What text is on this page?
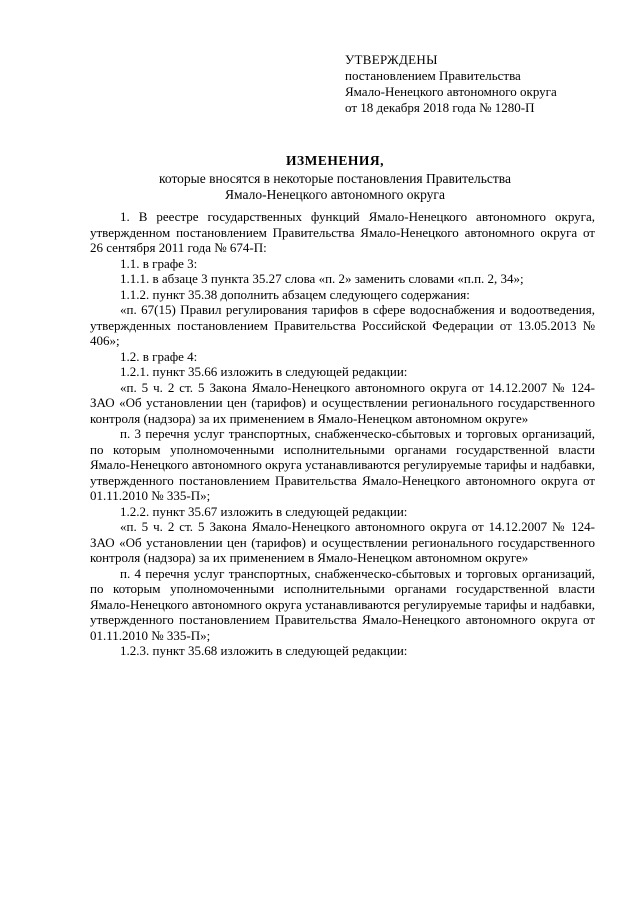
УТВЕРЖДЕНЫ

постановлением Правительства

Ямало-Ненецкого автономного округа

от 18 декабря 2018 года № 1280-П

ИЗМЕНЕНИЯ,

которые вносятся в некоторые постановления Правительства

Ямало-Ненецкого автономного округа

1. В реестре государственных функций Ямало-Ненецкого автономного округа, утвержденном постановлением Правительства Ямало-Ненецкого автономного округа от 26 сентября 2011 года № 674-П:

1.1. в графе 3:

1.1.1. в абзаце 3 пункта 35.27 слова «п. 2» заменить словами «п.п. 2, 34»;

1.1.2. пункт 35.38 дополнить абзацем следующего содержания:

«п. 67(15) Правил регулирования тарифов в сфере водоснабжения и водоотведения, утвержденных постановлением Правительства Российской Федерации от 13.05.2013 № 406»;

1.2. в графе 4:

1.2.1. пункт 35.66 изложить в следующей редакции:

«п. 5 ч. 2 ст. 5 Закона Ямало-Ненецкого автономного округа от 14.12.2007 № 124-ЗАО «Об установлении цен (тарифов) и осуществлении регионального государственного контроля (надзора) за их применением в Ямало-Ненецком автономном округе»

п. 3 перечня услуг транспортных, снабженческо-сбытовых и торговых организаций, по которым уполномоченными исполнительными органами государственной власти Ямало-Ненецкого автономного округа устанавливаются регулируемые тарифы и надбавки, утвержденного постановлением Правительства Ямало-Ненецкого автономного округа от 01.11.2010 № 335-П»;

1.2.2. пункт 35.67 изложить в следующей редакции:

«п. 5 ч. 2 ст. 5 Закона Ямало-Ненецкого автономного округа от 14.12.2007 № 124-ЗАО «Об установлении цен (тарифов) и осуществлении регионального государственного контроля (надзора) за их применением в Ямало-Ненецком автономном округе»

п. 4 перечня услуг транспортных, снабженческо-сбытовых и торговых организаций, по которым уполномоченными исполнительными органами государственной власти Ямало-Ненецкого автономного округа устанавливаются регулируемые тарифы и надбавки, утвержденного постановлением Правительства Ямало-Ненецкого автономного округа от 01.11.2010 № 335-П»;

1.2.3. пункт 35.68 изложить в следующей редакции:
